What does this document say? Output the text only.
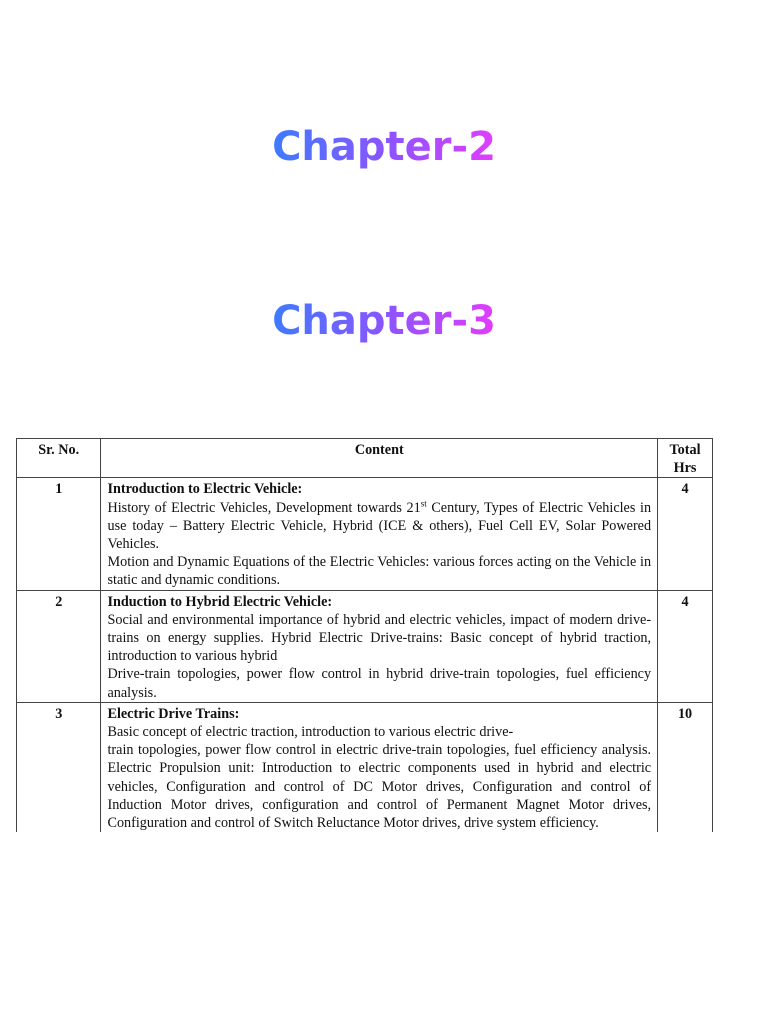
Chapter-2
Chapter-3
Sr. No.	Content	Total Hrs
1	Introduction to Electric Vehicle:
History of Electric Vehicles, Development towards 21st Century, Types of Electric Vehicles in use today – Battery Electric Vehicle, Hybrid (ICE & others), Fuel Cell EV, Solar Powered Vehicles.
Motion and Dynamic Equations of the Electric Vehicles: various forces acting on the Vehicle in static and dynamic conditions.	4
2	Induction to Hybrid Electric Vehicle:
Social and environmental importance of hybrid and electric vehicles, impact of modern drive-trains on energy supplies. Hybrid Electric Drive-trains: Basic concept of hybrid traction, introduction to various hybrid
Drive-train topologies, power flow control in hybrid drive-train topologies, fuel efficiency analysis.	4
3	Electric Drive Trains:
Basic concept of electric traction, introduction to various electric drive-
train topologies, power flow control in electric drive-train topologies, fuel efficiency analysis. Electric Propulsion unit: Introduction to electric components used in hybrid and electric vehicles, Configuration and control of DC Motor drives, Configuration and control of Induction Motor drives, configuration and control of Permanent Magnet Motor drives, Configuration and control of Switch Reluctance Motor drives, drive system efficiency.	10
